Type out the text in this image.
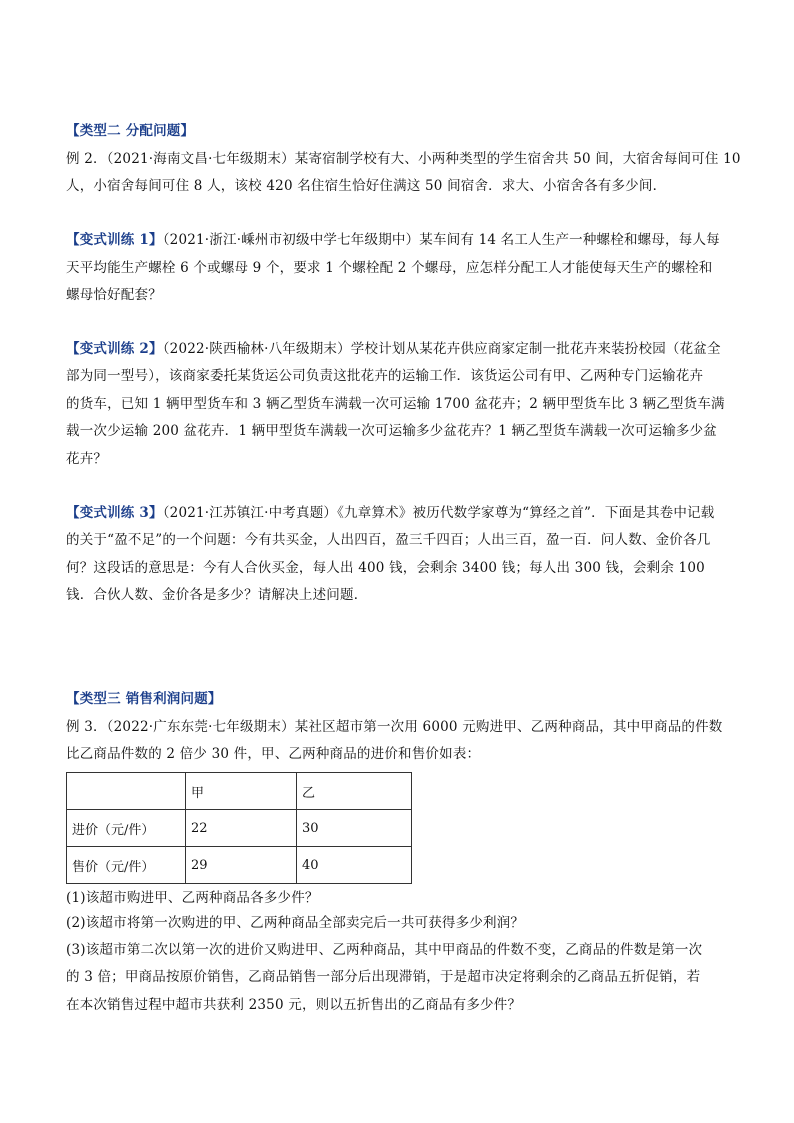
【类型二 分配问题】
例 2．（2021·海南文昌·七年级期末）某寄宿制学校有大、小两种类型的学生宿舍共 50 间，大宿舍每间可住 10
人，小宿舍每间可住 8 人，该校 420 名住宿生恰好住满这 50 间宿舍．求大、小宿舍各有多少间．
【变式训练 1】（2021·浙江·嵊州市初级中学七年级期中）某车间有 14 名工人生产一种螺栓和螺母，每人每
天平均能生产螺栓 6 个或螺母 9 个，要求 1 个螺栓配 2 个螺母，应怎样分配工人才能使每天生产的螺栓和
螺母恰好配套？
【变式训练 2】（2022·陕西榆林·八年级期末）学校计划从某花卉供应商家定制一批花卉来装扮校园（花盆全
部为同一型号），该商家委托某货运公司负责这批花卉的运输工作．该货运公司有甲、乙两种专门运输花卉
的货车，已知 1 辆甲型货车和 3 辆乙型货车满载一次可运输 1700 盆花卉；2 辆甲型货车比 3 辆乙型货车满
载一次少运输 200 盆花卉．1 辆甲型货车满载一次可运输多少盆花卉？1 辆乙型货车满载一次可运输多少盆
花卉？
【变式训练 3】（2021·江苏镇江·中考真题）《九章算术》被历代数学家尊为“算经之首”．下面是其卷中记载
的关于“盈不足”的一个问题：今有共买金，人出四百，盈三千四百；人出三百，盈一百．问人数、金价各几
何？这段话的意思是：今有人合伙买金，每人出 400 钱，会剩余 3400 钱；每人出 300 钱，会剩余 100
钱．合伙人数、金价各是多少？请解决上述问题．
【类型三 销售利润问题】
例 3．（2022·广东东莞·七年级期末）某社区超市第一次用 6000 元购进甲、乙两种商品，其中甲商品的件数
比乙商品件数的 2 倍少 30 件，甲、乙两种商品的进价和售价如表：
	甲	乙
进价（元/件）	22	30
售价（元/件）	29	40
(1)该超市购进甲、乙两种商品各多少件？
(2)该超市将第一次购进的甲、乙两种商品全部卖完后一共可获得多少利润？
(3)该超市第二次以第一次的进价又购进甲、乙两种商品，其中甲商品的件数不变，乙商品的件数是第一次
的 3 倍；甲商品按原价销售，乙商品销售一部分后出现滞销，于是超市决定将剩余的乙商品五折促销，若
在本次销售过程中超市共获利 2350 元，则以五折售出的乙商品有多少件？
